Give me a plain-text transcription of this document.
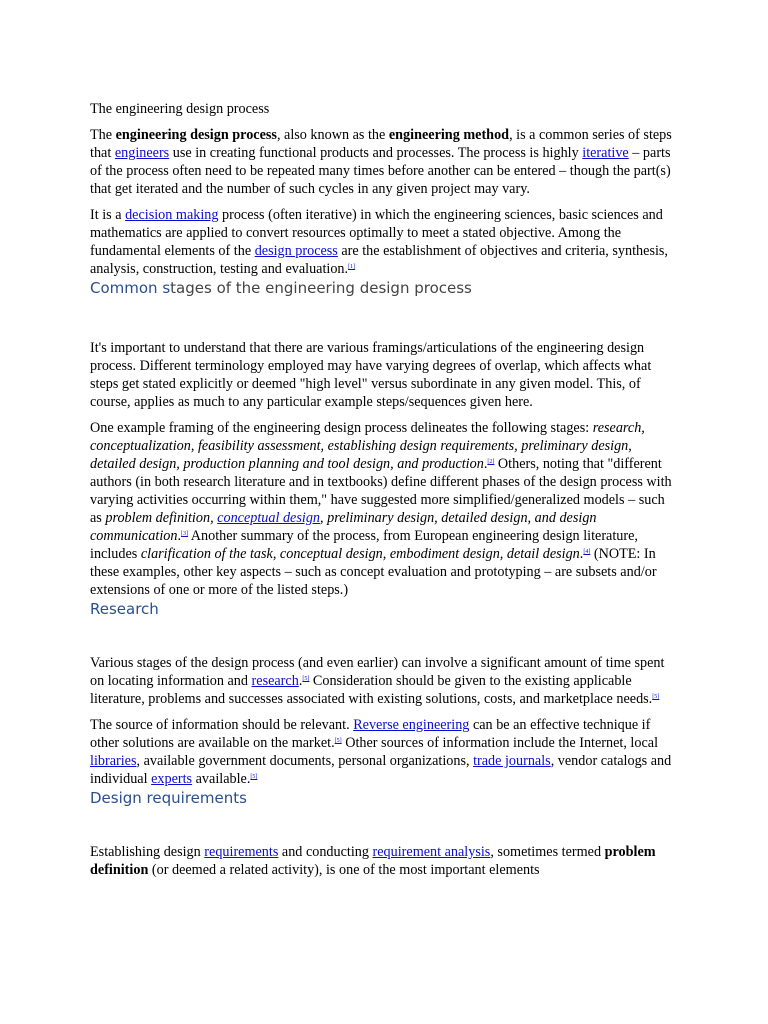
The engineering design process

The engineering design process, also known as the engineering method, is a common series of steps that engineers use in creating functional products and processes. The process is highly iterative – parts of the process often need to be repeated many times before another can be entered – though the part(s) that get iterated and the number of such cycles in any given project may vary.

It is a decision making process (often iterative) in which the engineering sciences, basic sciences and mathematics are applied to convert resources optimally to meet a stated objective. Among the fundamental elements of the design process are the establishment of objectives and criteria, synthesis, analysis, construction, testing and evaluation.[1]

Common stages of the engineering design process

It's important to understand that there are various framings/articulations of the engineering design process. Different terminology employed may have varying degrees of overlap, which affects what steps get stated explicitly or deemed "high level" versus subordinate in any given model. This, of course, applies as much to any particular example steps/sequences given here.

One example framing of the engineering design process delineates the following stages: research, conceptualization, feasibility assessment, establishing design requirements, preliminary design, detailed design, production planning and tool design, and production.[2] Others, noting that "different authors (in both research literature and in textbooks) define different phases of the design process with varying activities occurring within them," have suggested more simplified/generalized models – such as problem definition, conceptual design, preliminary design, detailed design, and design communication.[3] Another summary of the process, from European engineering design literature, includes clarification of the task, conceptual design, embodiment design, detail design.[4] (NOTE: In these examples, other key aspects – such as concept evaluation and prototyping – are subsets and/or extensions of one or more of the listed steps.)

Research

Various stages of the design process (and even earlier) can involve a significant amount of time spent on locating information and research.[5] Consideration should be given to the existing applicable literature, problems and successes associated with existing solutions, costs, and marketplace needs.[5]

The source of information should be relevant. Reverse engineering can be an effective technique if other solutions are available on the market.[5] Other sources of information include the Internet, local libraries, available government documents, personal organizations, trade journals, vendor catalogs and individual experts available.[5]

Design requirements

Establishing design requirements and conducting requirement analysis, sometimes termed problem definition (or deemed a related activity), is one of the most important elements
